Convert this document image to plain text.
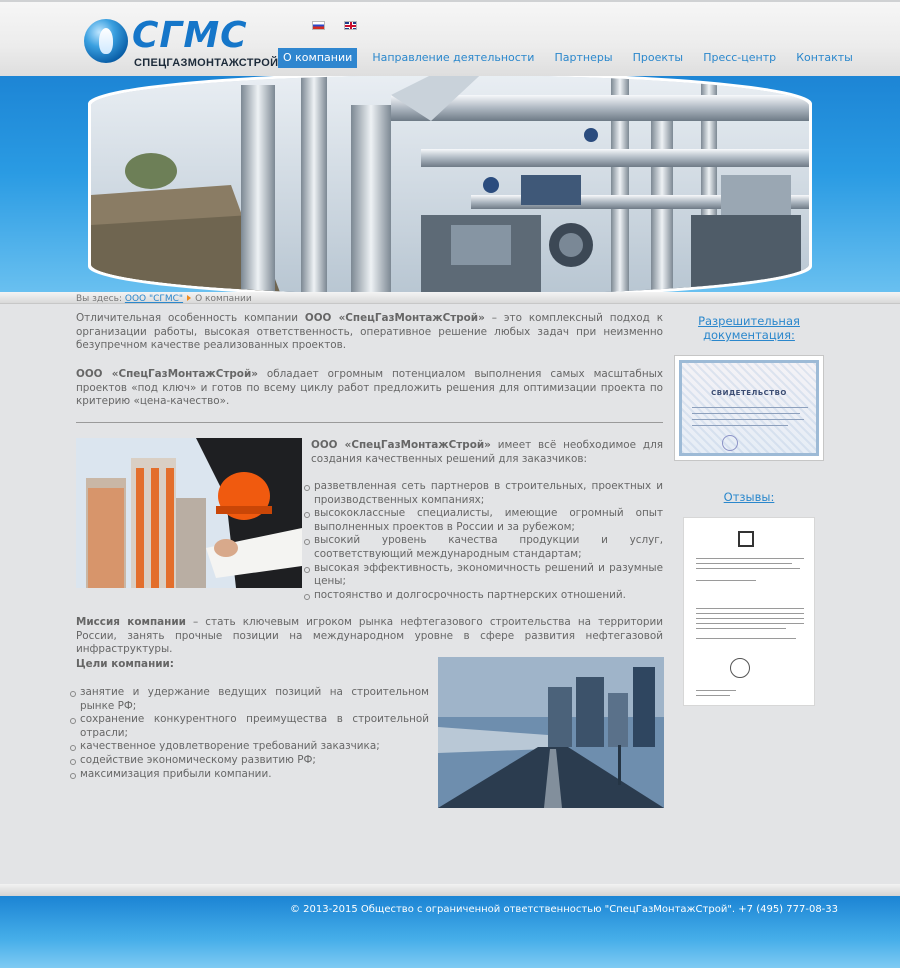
СГМС
СПЕЦГАЗМОНТАЖСТРОЙ
О компании Направление деятельности Партнеры Проекты Пресс-центр Контакты
Вы здесь: ООО "СГМС" О компании

Отличительная особенность компании ООО «СпецГазМонтажСтрой» – это комплексный подход к организации работы, высокая ответственность, оперативное решение любых задач при неизменно безупречном качестве реализованных проектов.

ООО «СпецГазМонтажСтрой» обладает огромным потенциалом выполнения самых масштабных проектов «под ключ» и готов по всему циклу работ предложить решения для оптимизации проекта по критерию «цена-качество».

ООО «СпецГазМонтажСтрой» имеет всё необходимое для создания качественных решений для заказчиков:

разветвленная сеть партнеров в строительных, проектных и производственных компаниях;
высококлассные специалисты, имеющие огромный опыт выполненных проектов в России и за рубежом;
высокий уровень качества продукции и услуг, соответствующий международным стандартам;
высокая эффективность, экономичность решений и разумные цены;
постоянство и долгосрочность партнерских отношений.

Миссия компании – стать ключевым игроком рынка нефтегазового строительства на территории России, занять прочные позиции на международном уровне в сфере развития нефтегазовой инфраструктуры.

Цели компании:
занятие и удержание ведущих позиций на строительном рынке РФ;
сохранение конкурентного преимущества в строительной отрасли;
качественное удовлетворение требований заказчика;
содействие экономическому развитию РФ;
максимизация прибыли компании.
Разрешительная документация:
СВИДЕТЕЛЬСТВО
Отзывы:
© 2013-2015 Общество с ограниченной ответственностью "СпецГазМонтажСтрой". +7 (495) 777-08-33
